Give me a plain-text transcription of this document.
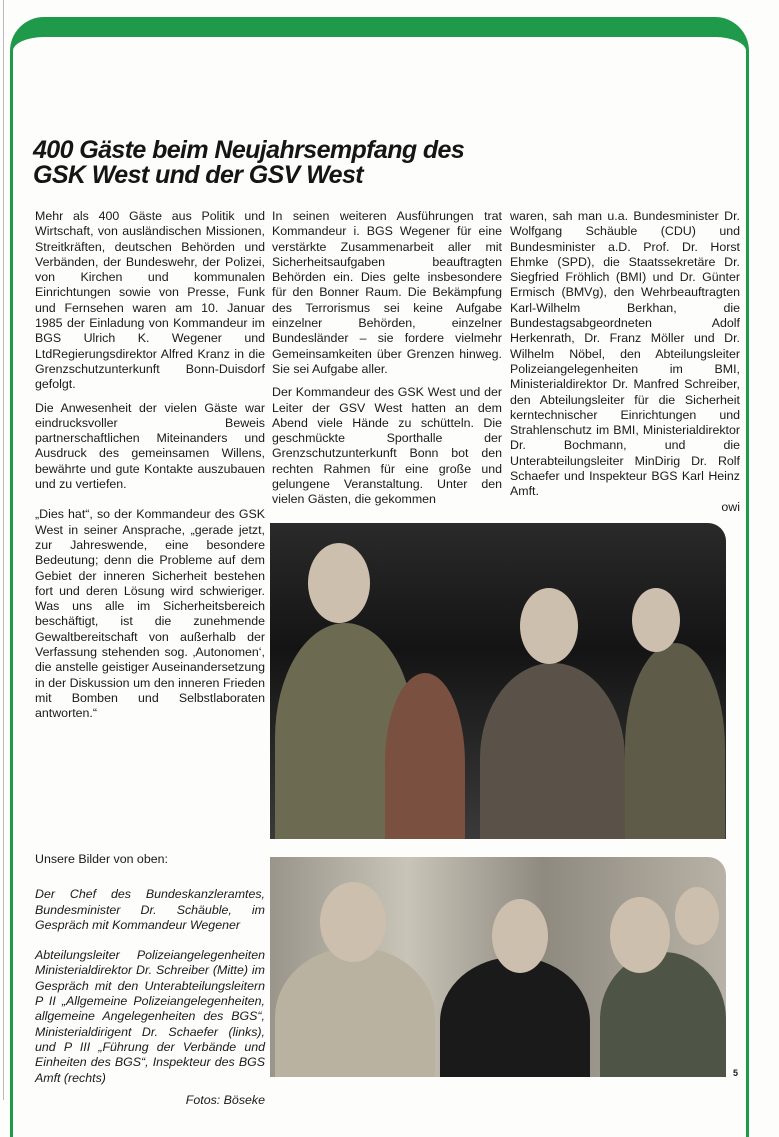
400 Gäste beim Neujahrsempfang des
GSK West und der GSV West

Mehr als 400 Gäste aus Politik und Wirtschaft, von ausländischen Missionen, Streitkräften, deutschen Behörden und Verbänden, der Bundeswehr, der Polizei, von Kirchen und kommunalen Einrichtungen sowie von Presse, Funk und Fernsehen waren am 10. Januar 1985 der Einladung von Kommandeur im BGS Ulrich K. Wegener und LtdRegierungsdirektor Alfred Kranz in die Grenzschutzunterkunft Bonn-Duisdorf gefolgt.

Die Anwesenheit der vielen Gäste war eindrucksvoller Beweis partnerschaftlichen Miteinanders und Ausdruck des gemeinsamen Willens, bewährte und gute Kontakte auszubauen und zu vertiefen.

„Dies hat“, so der Kommandeur des GSK West in seiner Ansprache, „gerade jetzt, zur Jahreswende, eine besondere Bedeutung; denn die Probleme auf dem Gebiet der inneren Sicherheit bestehen fort und deren Lösung wird schwieriger. Was uns alle im Sicherheitsbereich beschäftigt, ist die zunehmende Gewaltbereitschaft von außerhalb der Verfassung stehenden sog. ‚Autonomen‘, die anstelle geistiger Auseinandersetzung in der Diskussion um den inneren Frieden mit Bomben und Selbstlaboraten antworten.“

In seinen weiteren Ausführungen trat Kommandeur i. BGS Wegener für eine verstärkte Zusammenarbeit aller mit Sicherheitsaufgaben beauftragten Behörden ein. Dies gelte insbesondere für den Bonner Raum. Die Bekämpfung des Terrorismus sei keine Aufgabe einzelner Behörden, einzelner Bundesländer – sie fordere vielmehr Gemeinsamkeiten über Grenzen hinweg. Sie sei Aufgabe aller.

Der Kommandeur des GSK West und der Leiter der GSV West hatten an dem Abend viele Hände zu schütteln. Die geschmückte Sporthalle der Grenzschutzunterkunft Bonn bot den rechten Rahmen für eine große und gelungene Veranstaltung. Unter den vielen Gästen, die gekommen

waren, sah man u.a. Bundesminister Dr. Wolfgang Schäuble (CDU) und Bundesminister a.D. Prof. Dr. Horst Ehmke (SPD), die Staatssekretäre Dr. Siegfried Fröhlich (BMI) und Dr. Günter Ermisch (BMVg), den Wehrbeauftragten Karl-Wilhelm Berkhan, die Bundestagsabgeordneten Adolf Herkenrath, Dr. Franz Möller und Dr. Wilhelm Nöbel, den Abteilungsleiter Polizeiangelegenheiten im BMI, Ministerialdirektor Dr. Manfred Schreiber, den Abteilungsleiter für die Sicherheit kerntechnischer Einrichtungen und Strahlenschutz im BMI, Ministerialdirektor Dr. Bochmann, und die Unterabteilungsleiter MinDirig Dr. Rolf Schaefer und Inspekteur BGS Karl Heinz Amft.

owi

Unsere Bilder von oben:

Der Chef des Bundeskanzleramtes, Bundesminister Dr. Schäuble, im Gespräch mit Kommandeur Wegener

Abteilungsleiter Polizeiangelegenheiten Ministerialdirektor Dr. Schreiber (Mitte) im Gespräch mit den Unterabteilungsleitern P II „Allgemeine Polizeiangelegenheiten, allgemeine Angelegenheiten des BGS“, Ministerialdirigent Dr. Schaefer (links), und P III „Führung der Verbände und Einheiten des BGS“, Inspekteur des BGS Amft (rechts)

Fotos: Böseke

5
